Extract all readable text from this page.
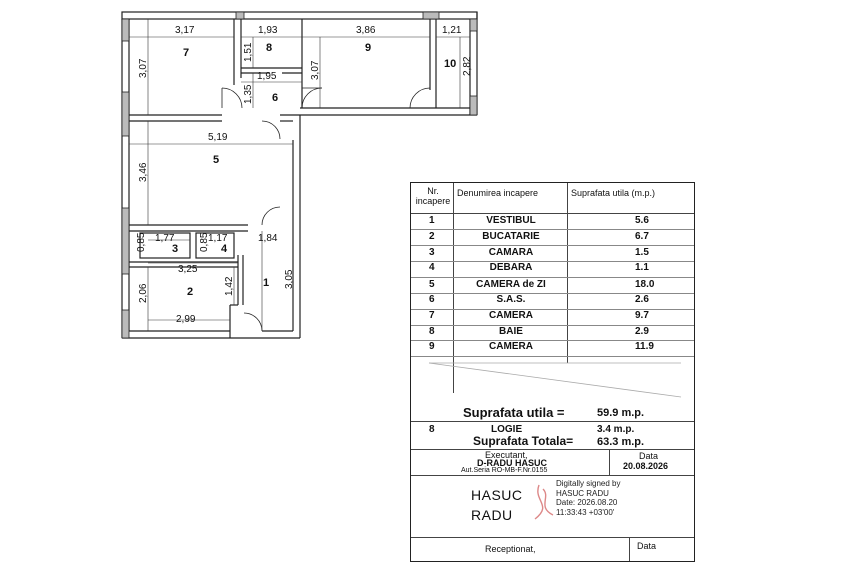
3,17	1,93	3,86	1,21
3,07
1,51
3,07	2,82
1,95
1,35
5,19
3,46
1,77
0,85	0,85
1,17	1,84
3,25
2,06	1,42	3,05
2,99
7	8	9
10
6
5
3	4
2
1
Nr.
incapere
Denumirea incapere	Suprafata utila (m.p.)
1	VESTIBUL	5.6
2	BUCATARIE	6.7
3	CAMARA	1.5
4	DEBARA	1.1
5	CAMERA de ZI	18.0
6	S.A.S.	2.6
7	CAMERA	9.7
8	BAIE	2.9
9	CAMERA	11.9
Suprafata utila =	59.9 m.p.
8	LOGIE	3.4 m.p.
Suprafata Totala= 63.3 m.p.
Executant,
D-RADU HASUC
Aut.Seria RO-MB-F.Nr.0155
Data
20.08.2026
HASUC
RADU
Digitally signed by
HASUC RADU
Date: 2026.08.20
11:33:43 +03'00'
Receptionat,	Data
